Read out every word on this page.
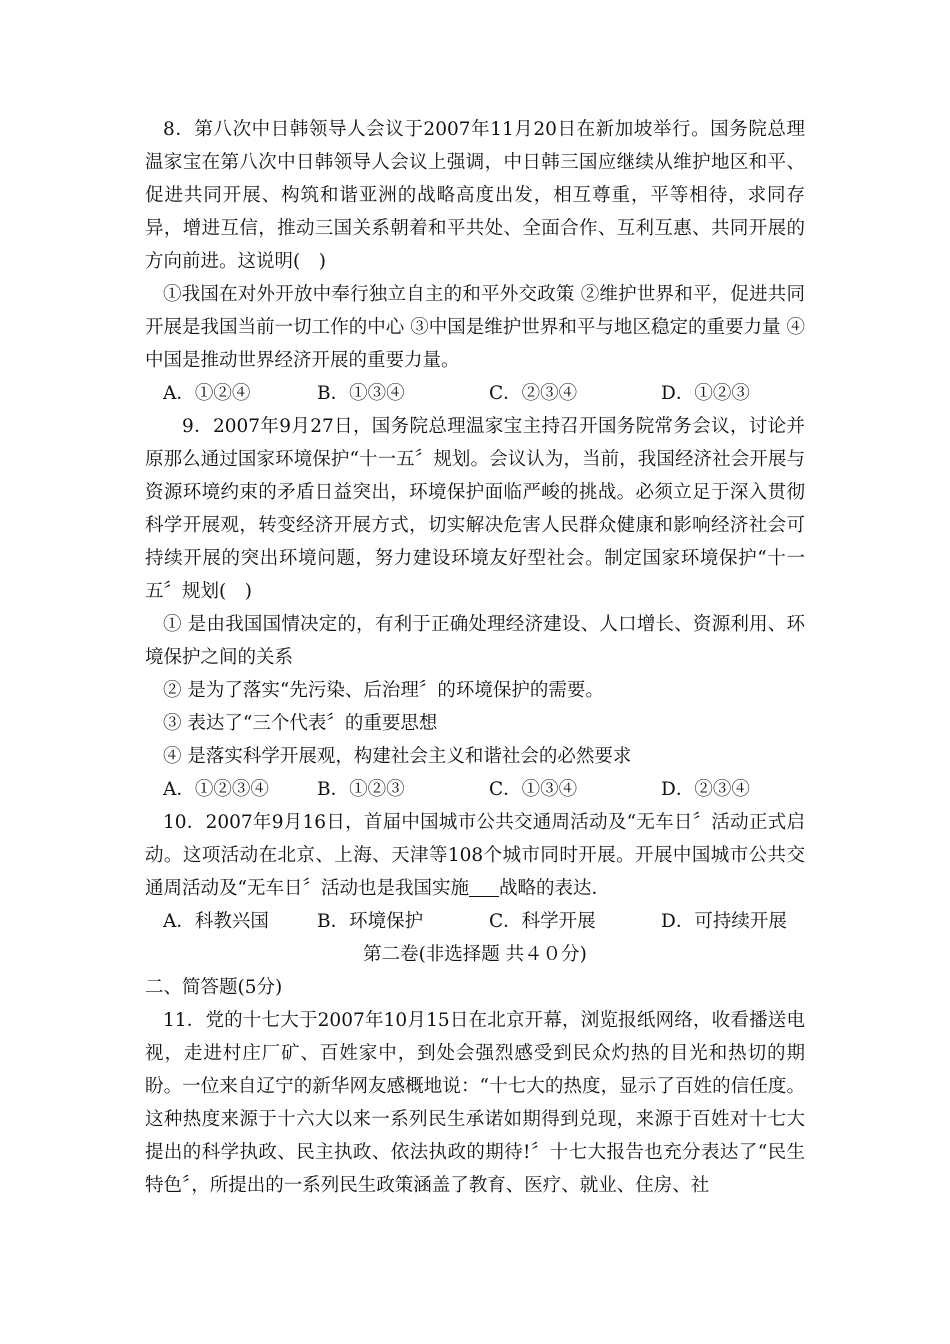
8．第八次中日韩领导人会议于2007年11月20日在新加坡举行。国务院总理温家宝在第八次中日韩领导人会议上强调，中日韩三国应继续从维护地区和平、促进共同开展、构筑和谐亚洲的战略高度出发，相互尊重，平等相待，求同存异，增进互信，推动三国关系朝着和平共处、全面合作、互利互惠、共同开展的方向前进。这说明(　)

①我国在对外开放中奉行独立自主的和平外交政策 ②维护世界和平，促进共同开展是我国当前一切工作的中心 ③中国是维护世界和平与地区稳定的重要力量 ④中国是推动世界经济开展的重要力量。

A．①②④	B．①③④	C．②③④	D．①②③

9．2007年9月27日，国务院总理温家宝主持召开国务院常务会议，讨论并原那么通过国家环境保护“十一五〞规划。会议认为，当前，我国经济社会开展与资源环境约束的矛盾日益突出，环境保护面临严峻的挑战。必须立足于深入贯彻科学开展观，转变经济开展方式，切实解决危害人民群众健康和影响经济社会可持续开展的突出环境问题，努力建设环境友好型社会。制定国家环境保护“十一五〞规划(　)

① 是由我国国情决定的，有利于正确处理经济建设、人口增长、资源利用、环境保护之间的关系

② 是为了落实“先污染、后治理〞的环境保护的需要。

③ 表达了“三个代表〞的重要思想

④ 是落实科学开展观，构建社会主义和谐社会的必然要求

A．①②③④	B．①②③	C．①③④	D．②③④

10．2007年9月16日，首届中国城市公共交通周活动及“无车日〞活动正式启动。这项活动在北京、上海、天津等108个城市同时开展。开展中国城市公共交通周活动及“无车日〞活动也是我国实施 战略的表达．

A．科教兴国	B．环境保护	C．科学开展	D．可持续开展

第二卷(非选择题 共４０分)

二、简答题(5分)

11．党的十七大于2007年10月15日在北京开幕，浏览报纸网络，收看播送电视，走进村庄厂矿、百姓家中，到处会强烈感受到民众灼热的目光和热切的期盼。一位来自辽宁的新华网友感概地说：“十七大的热度，显示了百姓的信任度。这种热度来源于十六大以来一系列民生承诺如期得到兑现，来源于百姓对十七大提出的科学执政、民主执政、依法执政的期待!〞十七大报告也充分表达了“民生特色〞，所提出的一系列民生政策涵盖了教育、医疗、就业、住房、社
